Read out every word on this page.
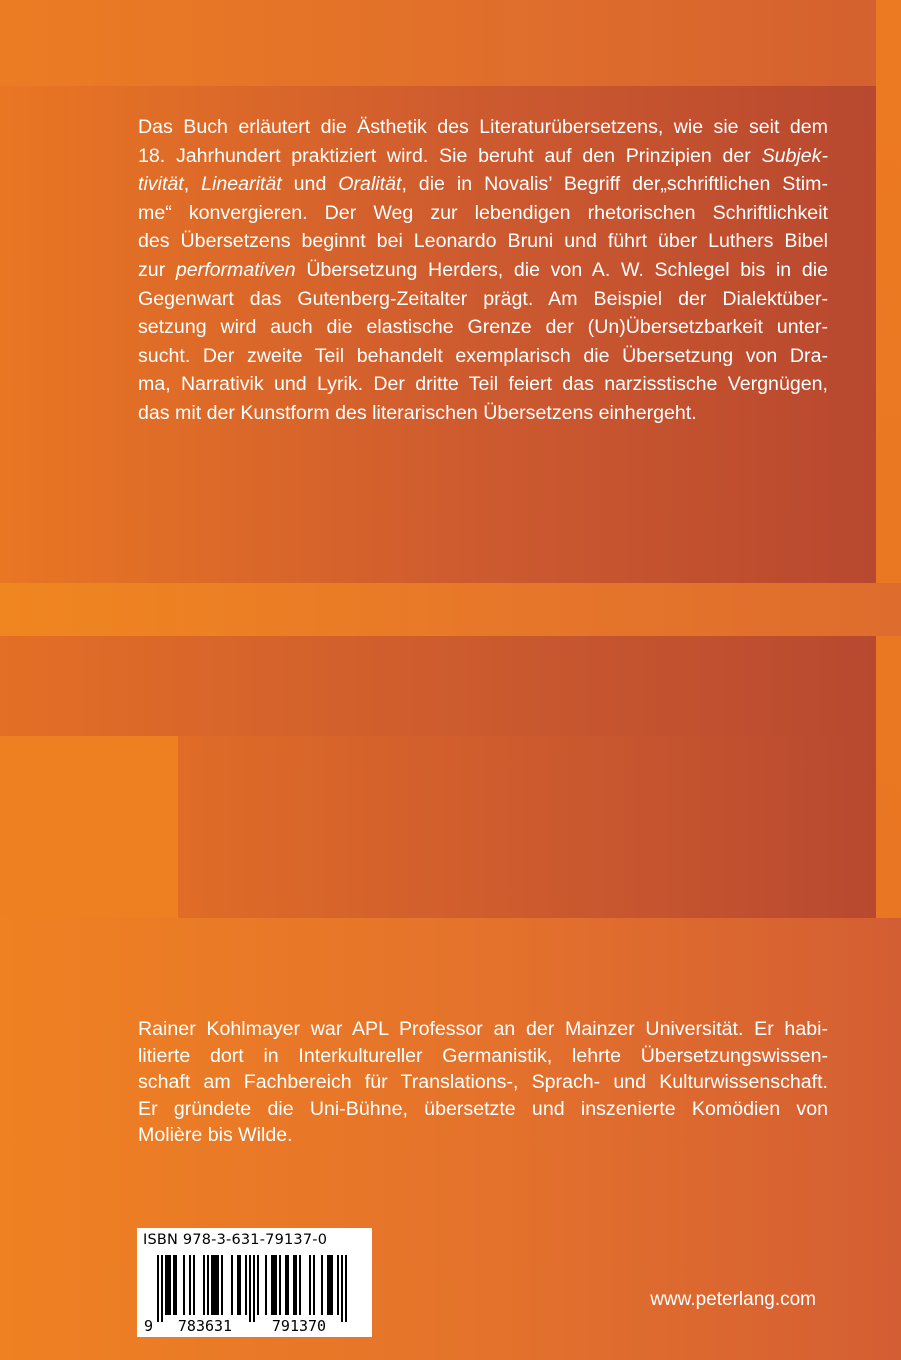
Das Buch erläutert die Ästhetik des Literaturübersetzens, wie sie seit dem
18. Jahrhundert praktiziert wird. Sie beruht auf den Prinzipien der Subjek-
tivität, Linearität und Oralität, die in Novalis’ Begriff der„schriftlichen Stim-
me“ konvergieren. Der Weg zur lebendigen rhetorischen Schriftlichkeit
des Übersetzens beginnt bei Leonardo Bruni und führt über Luthers Bibel
zur performativen Übersetzung Herders, die von A. W. Schlegel bis in die
Gegenwart das Gutenberg-Zeitalter prägt. Am Beispiel der Dialektüber-
setzung wird auch die elastische Grenze der (Un)Übersetzbarkeit unter-
sucht. Der zweite Teil behandelt exemplarisch die Übersetzung von Dra-
ma, Narrativik und Lyrik. Der dritte Teil feiert das narzisstische Vergnügen,
das mit der Kunstform des literarischen Übersetzens einhergeht.
Rainer Kohlmayer war APL Professor an der Mainzer Universität. Er habi-
litierte dort in Interkultureller Germanistik, lehrte Übersetzungswissen-
schaft am Fachbereich für Translations-, Sprach- und Kulturwissenschaft.
Er gründete die Uni-Bühne, übersetzte und inszenierte Komödien von
Molière bis Wilde.
ISBN 978-3-631-79137-0
9 783631	791370
www.peterlang.com
